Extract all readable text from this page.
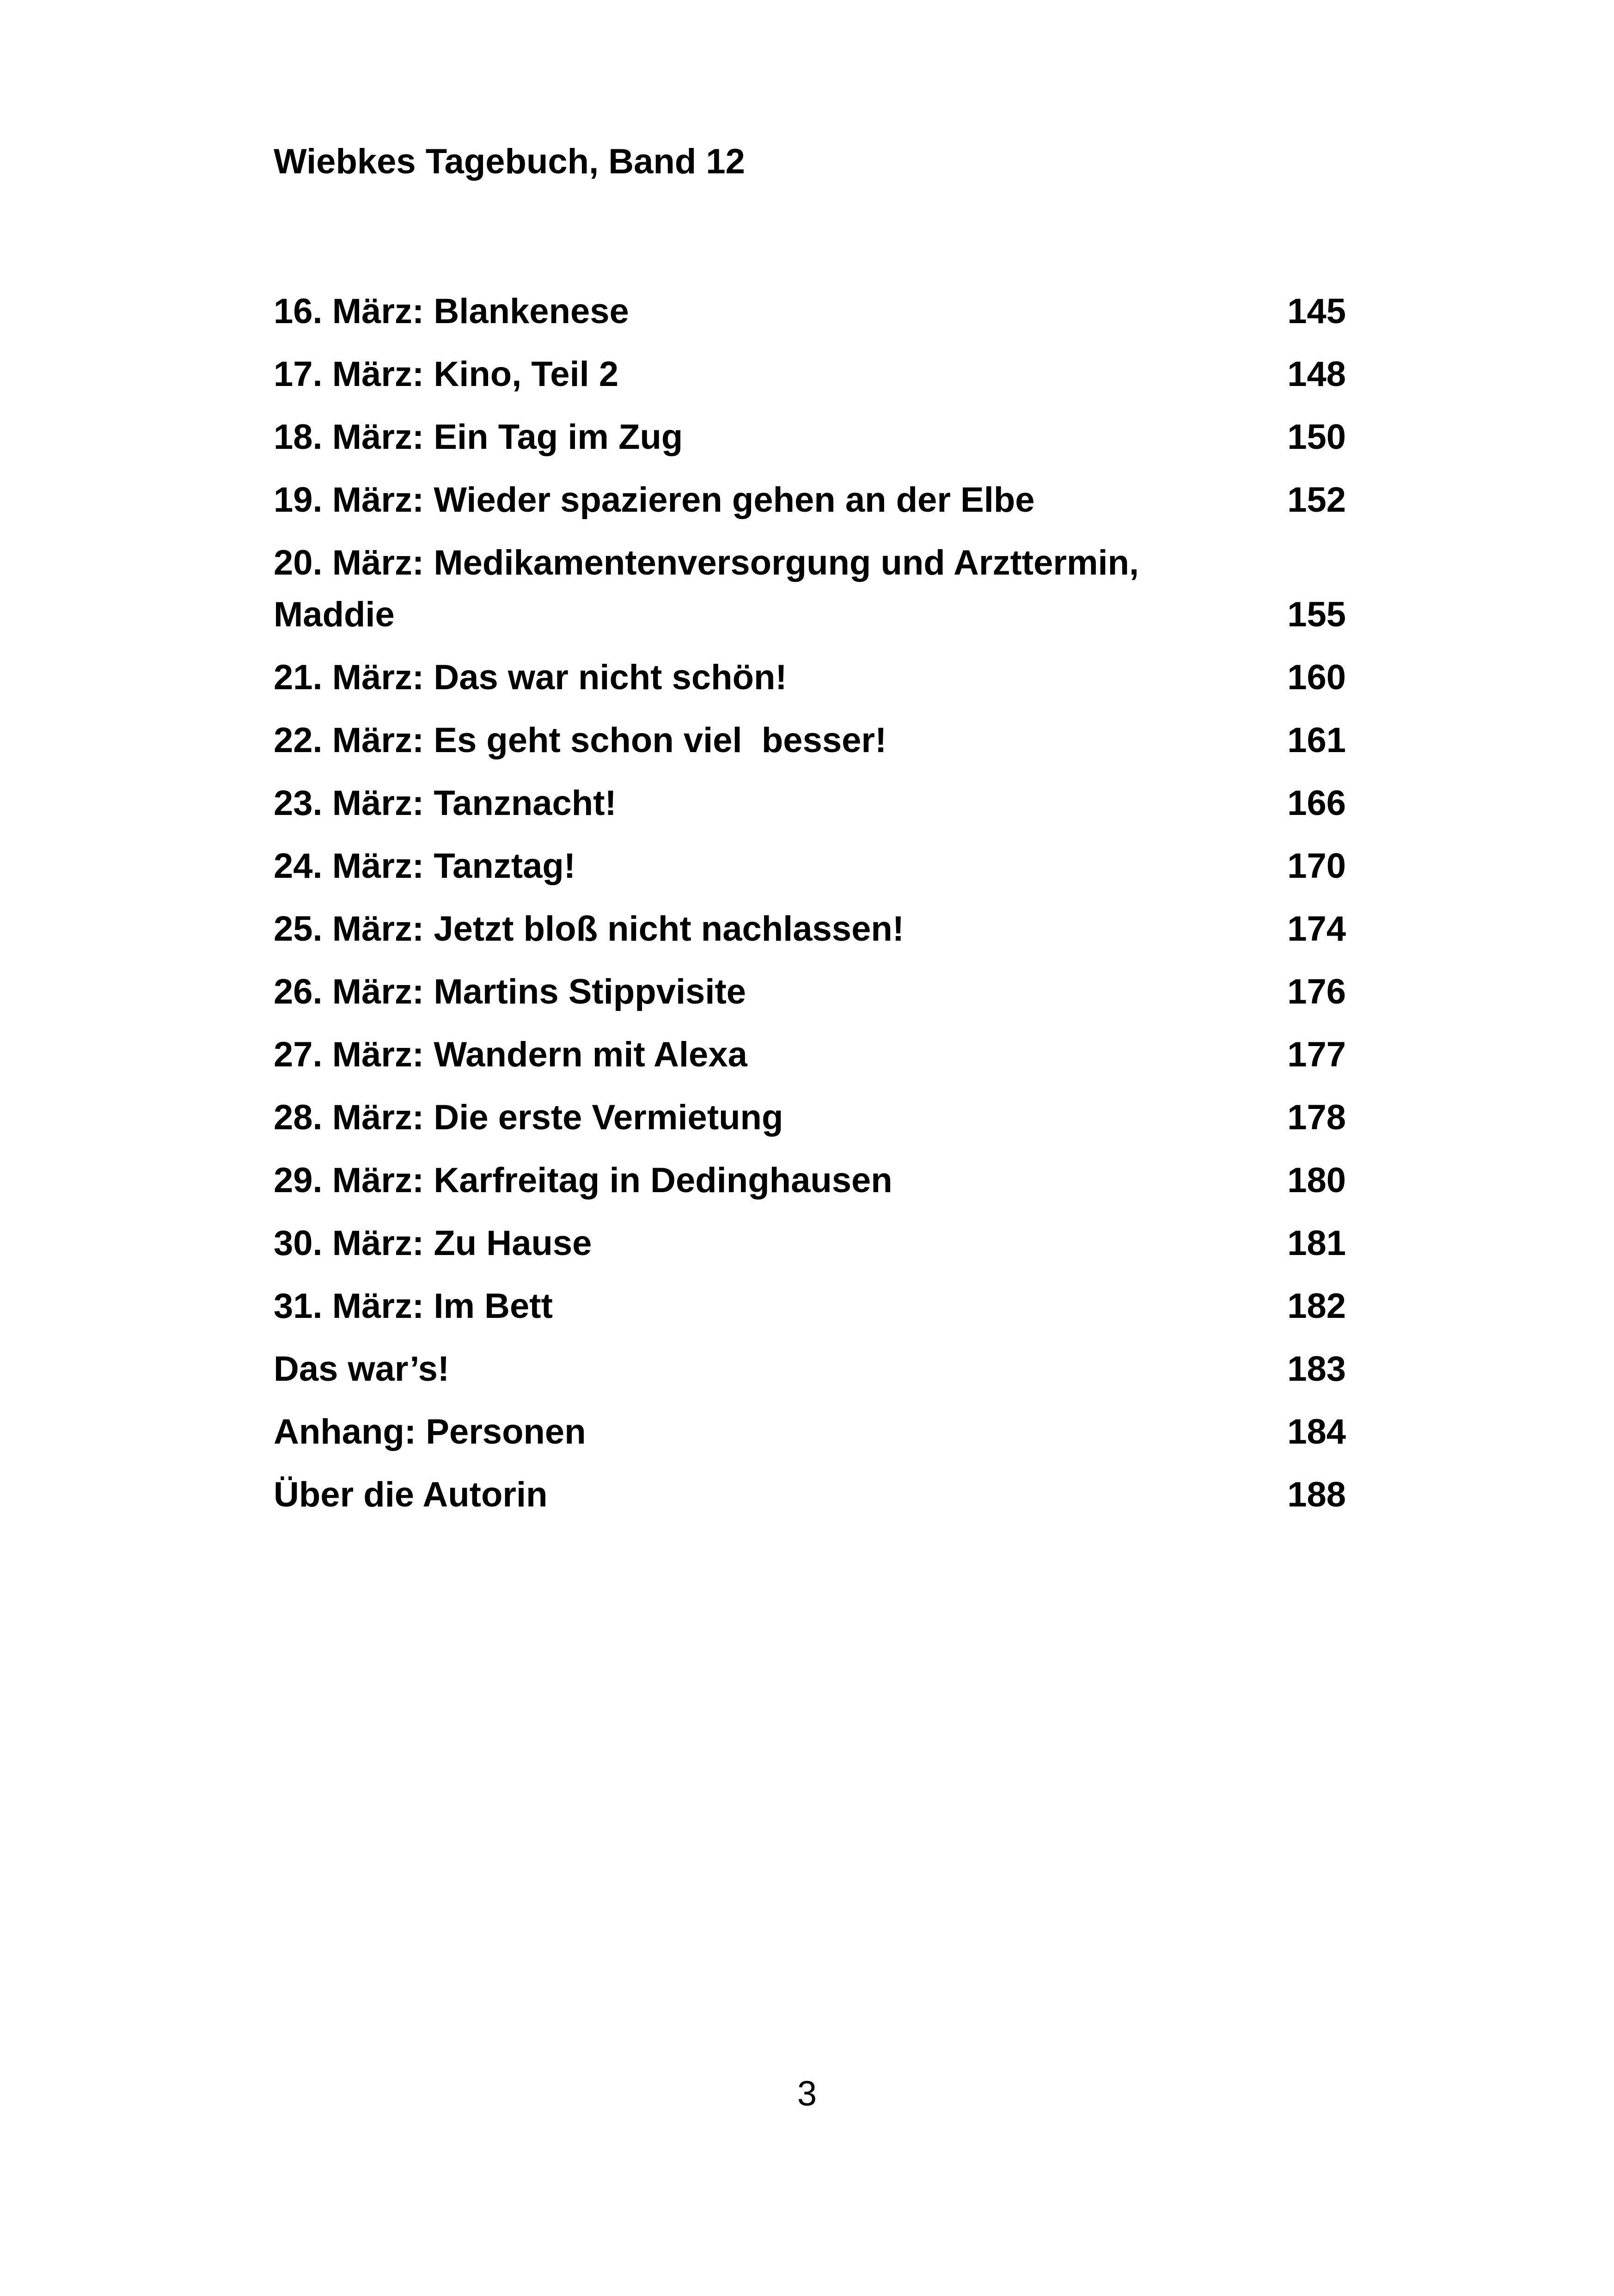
Wiebkes Tagebuch, Band 12
16. März: Blankenese	145
17. März: Kino, Teil 2	148
18. März: Ein Tag im Zug	150
19. März: Wieder spazieren gehen an der Elbe	152
20. März: Medikamentenversorgung und Arzttermin, Maddie	155
21. März: Das war nicht schön!	160
22. März: Es geht schon viel  besser!	161
23. März: Tanznacht!	166
24. März: Tanztag!	170
25. März: Jetzt bloß nicht nachlassen!	174
26. März: Martins Stippvisite	176
27. März: Wandern mit Alexa	177
28. März: Die erste Vermietung	178
29. März: Karfreitag in Dedinghausen	180
30. März: Zu Hause	181
31. März: Im Bett	182
Das war’s!	183
Anhang: Personen	184
Über die Autorin	188
3
